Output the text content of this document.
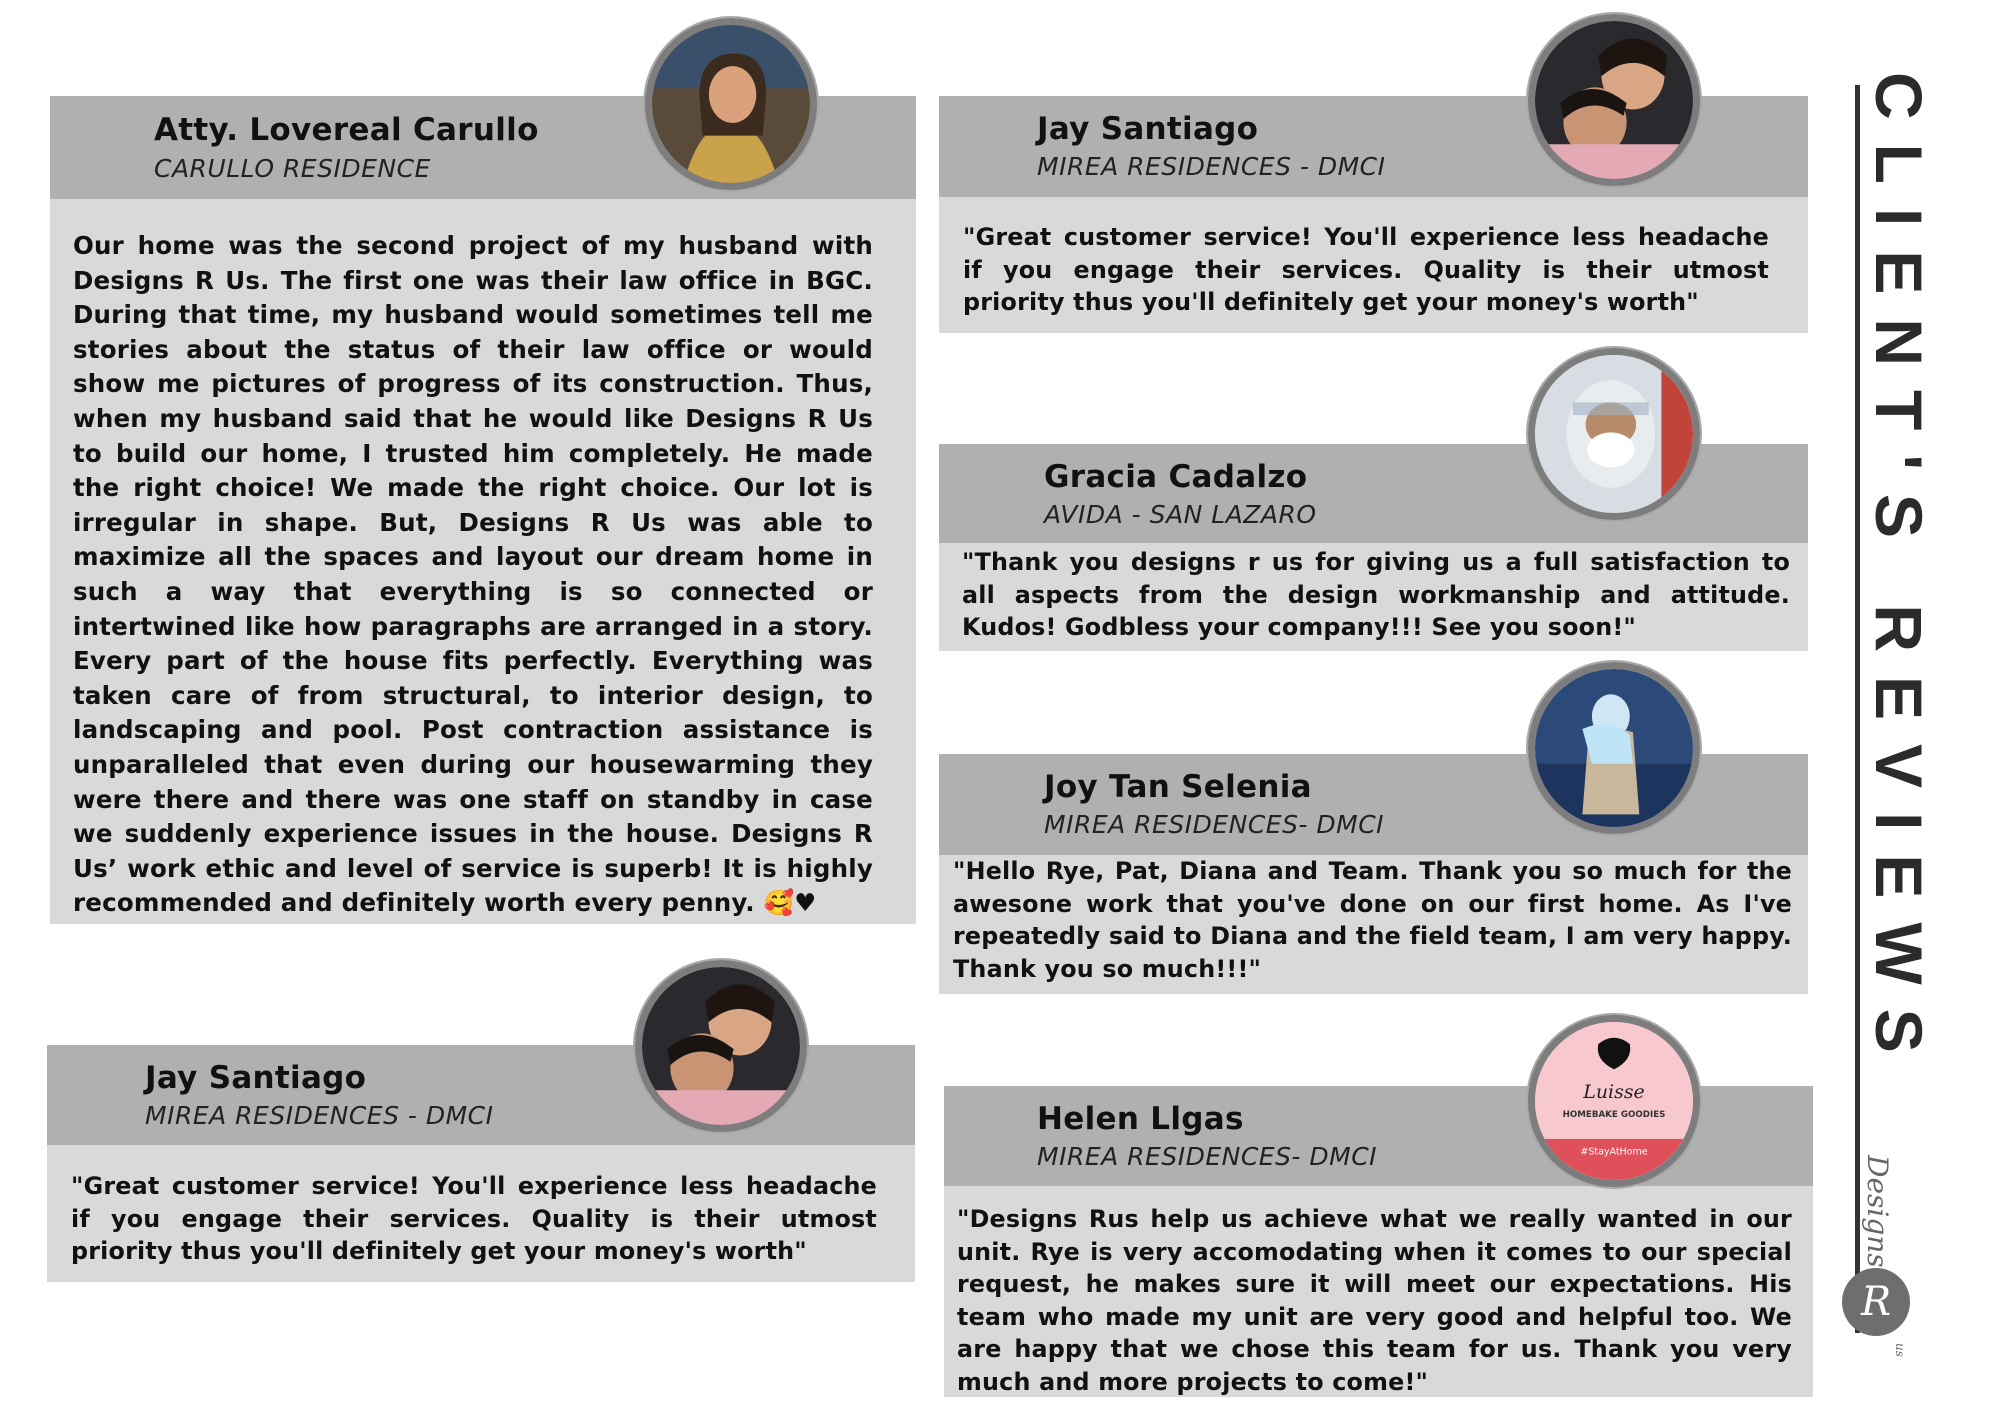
Atty. Lovereal Carullo
CARULLO RESIDENCE
Our home was the second project of my husband with Designs R Us. The first one was their law office in BGC. During that time, my husband would sometimes tell me stories about the status of their law office or would show me pictures of progress of its construction. Thus, when my husband said that he would like Designs R Us to build our home, I trusted him completely. He made the right choice! We made the right choice. Our lot is irregular in shape. But, Designs R Us was able to maximize all the spaces and layout our dream home in such a way that everything is so connected or intertwined like how paragraphs are arranged in a story. Every part of the house fits perfectly. Everything was taken care of from structural, to interior design, to landscaping and pool. Post contraction assistance is unparalleled that even during our housewarming they were there and there was one staff on standby in case we suddenly experience issues in the house. Designs R Us’ work ethic and level of service is superb! It is highly recommended and definitely worth every penny. 🥰♥
Jay Santiago
MIREA RESIDENCES - DMCI
"Great customer service! You'll experience less headache if you engage their services. Quality is their utmost priority thus you'll definitely get your money's worth"
Jay Santiago
MIREA RESIDENCES - DMCI
"Great customer service! You'll experience less headache if you engage their services. Quality is their utmost priority thus you'll definitely get your money's worth"
Gracia Cadalzo
AVIDA - SAN LAZARO
"Thank you designs r us for giving us a full satisfaction to all aspects from the design workmanship and attitude. Kudos! Godbless your company!!! See you soon!"
Joy Tan Selenia
MIREA RESIDENCES- DMCI
"Hello Rye, Pat, Diana and Team. Thank you so much for the awesone work that you've done on our first home. As I've repeatedly said to Diana and the field team, I am very happy. Thank you so much!!!"
Helen Llgas
MIREA RESIDENCES- DMCI
"Designs Rus help us achieve what we really wanted in our unit. Rye is very accomodating when it comes to our special request, he makes sure it will meet our expectations. His team who made my unit are very good and helpful too. We are happy that we chose this team for us. Thank you very much and more projects to come!"
Luisse
HOMEBAKE GOODIES
#StayAtHome
CLIENT'S REVIEWS
Designs
R
us
